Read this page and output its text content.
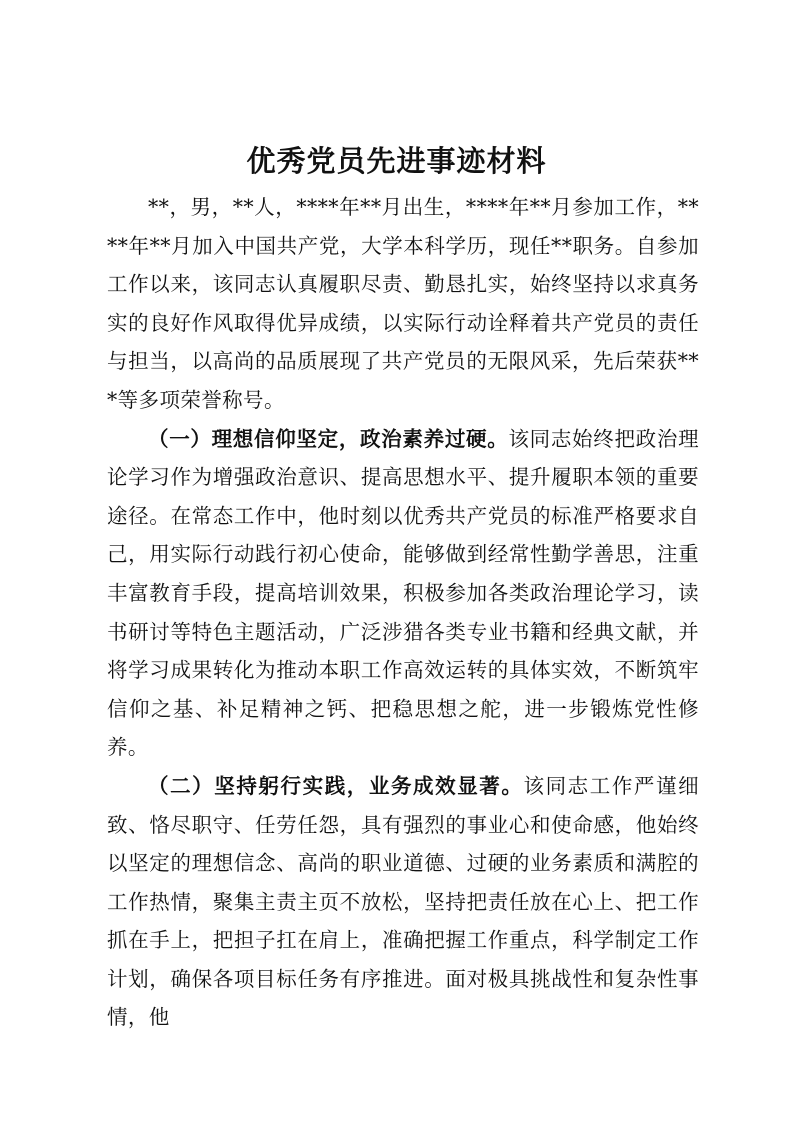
优秀党员先进事迹材料

**，男，**人，****年**月出生，****年**月参加工作，****年**月加入中国共产党，大学本科学历，现任**职务。自参加工作以来，该同志认真履职尽责、勤恳扎实，始终坚持以求真务实的良好作风取得优异成绩，以实际行动诠释着共产党员的责任与担当，以高尚的品质展现了共产党员的无限风采，先后荣获***等多项荣誉称号。

（一）理想信仰坚定，政治素养过硬。该同志始终把政治理论学习作为增强政治意识、提高思想水平、提升履职本领的重要途径。在常态工作中，他时刻以优秀共产党员的标准严格要求自己，用实际行动践行初心使命，能够做到经常性勤学善思，注重丰富教育手段，提高培训效果，积极参加各类政治理论学习，读书研讨等特色主题活动，广泛涉猎各类专业书籍和经典文献，并将学习成果转化为推动本职工作高效运转的具体实效，不断筑牢信仰之基、补足精神之钙、把稳思想之舵，进一步锻炼党性修养。

（二）坚持躬行实践，业务成效显著。该同志工作严谨细致、恪尽职守、任劳任怨，具有强烈的事业心和使命感，他始终以坚定的理想信念、高尚的职业道德、过硬的业务素质和满腔的工作热情，聚集主责主页不放松，坚持把责任放在心上、把工作抓在手上，把担子扛在肩上，准确把握工作重点，科学制定工作计划，确保各项目标任务有序推进。面对极具挑战性和复杂性事情，他
